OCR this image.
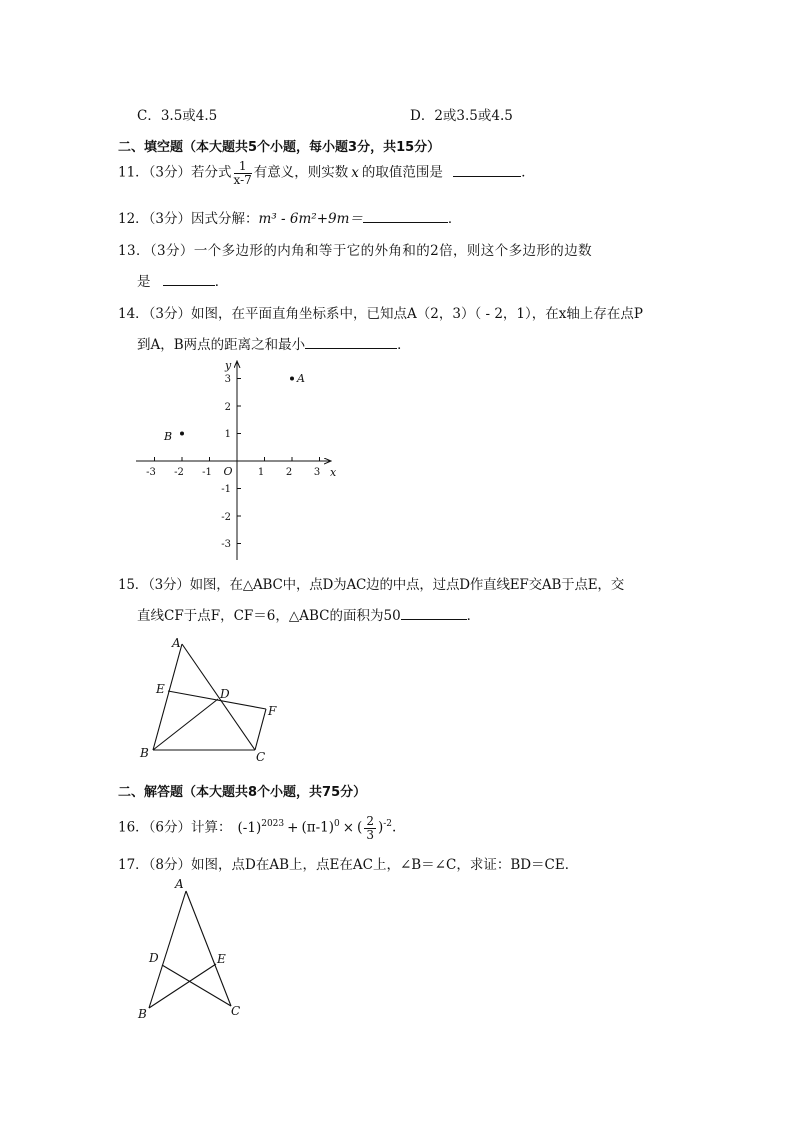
C．3.5或4.5	D．2或3.5或4.5
二、填空题（本大题共5个小题，每小题3分，共15分）
11．（3分）若分式 $\frac{1}{x-7}$ 有意义，则实数 x 的取值范围是	．
12．（3分）因式分解：m³ - 6m²+9m＝	．
13．（3分）一个多边形的内角和等于它的外角和的2倍，则这个多边形的边数
是	．
14．（3分）如图，在平面直角坐标系中，已知点A（2，3）（ - 2，1），在x轴上存在点P
到A，B两点的距离之和最小	．
-3 -2 -1	1 2 3
3
2
1
-1
-2
-3
O	x
y
A
B
15．（3分）如图，在△ABC中，点D为AC边的中点，过点D作直线EF交AB于点E，交
直线CF于点F，CF＝6，△ABC的面积为50	．
A
B	C
D
E
F
二、解答题（本大题共8个小题，共75分）
16．（6分）计算： $(-1)^{2023} + (\pi-1)^0$ × ( $\frac{2}{3} )^{-2}$.
17．（8分）如图，点D在AB上，点E在AC上，∠B＝∠C，求证：BD＝CE．
A
B	C
D	E
